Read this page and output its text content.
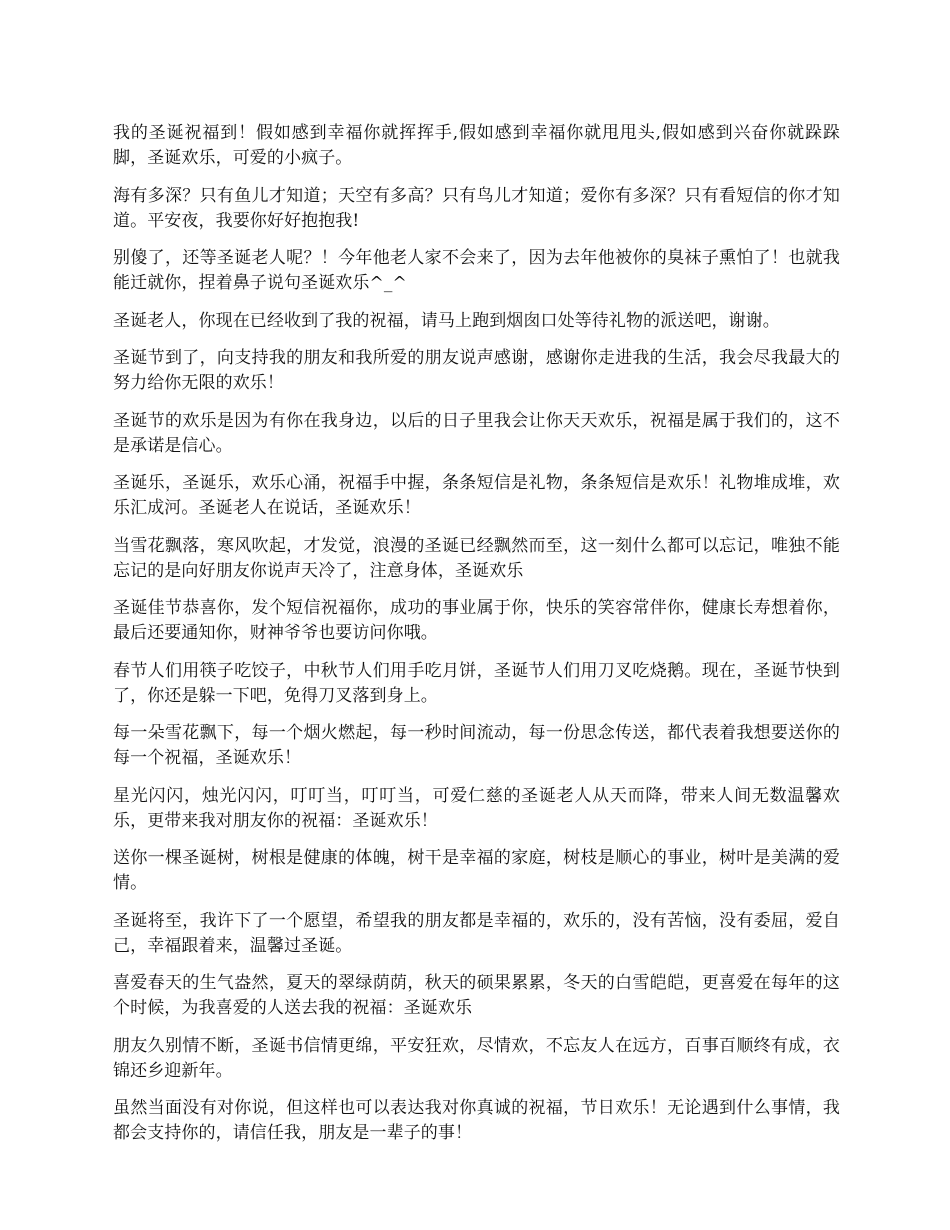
我的圣诞祝福到！假如感到幸福你就挥挥手,假如感到幸福你就甩甩头,假如感到兴奋你就跺跺脚，圣诞欢乐，可爱的小疯子。

海有多深？只有鱼儿才知道；天空有多高？只有鸟儿才知道；爱你有多深？只有看短信的你才知道。平安夜，我要你好好抱抱我!

别傻了，还等圣诞老人呢？！今年他老人家不会来了，因为去年他被你的臭袜子熏怕了！也就我能迁就你，捏着鼻子说句圣诞欢乐^_^

圣诞老人，你现在已经收到了我的祝福，请马上跑到烟囱口处等待礼物的派送吧，谢谢。

圣诞节到了，向支持我的朋友和我所爱的朋友说声感谢，感谢你走进我的生活，我会尽我最大的努力给你无限的欢乐！

圣诞节的欢乐是因为有你在我身边，以后的日子里我会让你天天欢乐，祝福是属于我们的，这不是承诺是信心。

圣诞乐，圣诞乐，欢乐心涌，祝福手中握，条条短信是礼物，条条短信是欢乐！礼物堆成堆，欢乐汇成河。圣诞老人在说话，圣诞欢乐！

当雪花飘落，寒风吹起，才发觉，浪漫的圣诞已经飘然而至，这一刻什么都可以忘记，唯独不能忘记的是向好朋友你说声天冷了，注意身体，圣诞欢乐

圣诞佳节恭喜你，发个短信祝福你，成功的事业属于你，快乐的笑容常伴你，健康长寿想着你，最后还要通知你，财神爷爷也要访问你哦。

春节人们用筷子吃饺子，中秋节人们用手吃月饼，圣诞节人们用刀叉吃烧鹅。现在，圣诞节快到了，你还是躲一下吧，免得刀叉落到身上。

每一朵雪花飘下，每一个烟火燃起，每一秒时间流动，每一份思念传送，都代表着我想要送你的每一个祝福，圣诞欢乐！

星光闪闪，烛光闪闪，叮叮当，叮叮当，可爱仁慈的圣诞老人从天而降，带来人间无数温馨欢乐，更带来我对朋友你的祝福：圣诞欢乐！

送你一棵圣诞树，树根是健康的体魄，树干是幸福的家庭，树枝是顺心的事业，树叶是美满的爱情。

圣诞将至，我许下了一个愿望，希望我的朋友都是幸福的，欢乐的，没有苦恼，没有委屈，爱自己，幸福跟着来，温馨过圣诞。

喜爱春天的生气盎然，夏天的翠绿荫荫，秋天的硕果累累，冬天的白雪皑皑，更喜爱在每年的这个时候，为我喜爱的人送去我的祝福：圣诞欢乐

朋友久别情不断，圣诞书信情更绵，平安狂欢，尽情欢，不忘友人在远方，百事百顺终有成，衣锦还乡迎新年。

虽然当面没有对你说，但这样也可以表达我对你真诚的祝福，节日欢乐！无论遇到什么事情，我都会支持你的，请信任我，朋友是一辈子的事！
